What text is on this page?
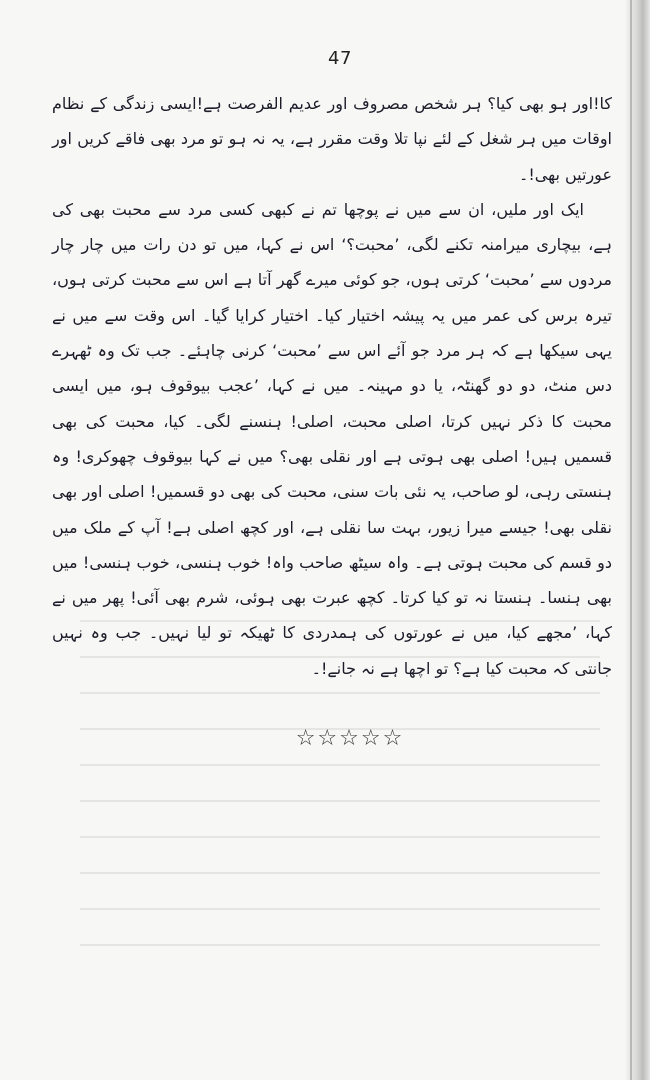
47

کا!اور ہو بھی کیا؟ ہر شخص مصروف اور عدیم الفرصت ہے!ایسی زندگی کے نظام اوقات میں ہر شغل کے لئے نپا تلا وقت مقرر ہے، یہ نہ ہو تو مرد بھی فاقے کریں اور عورتیں بھی!۔

ایک اور ملیں، ان سے میں نے پوچھا تم نے کبھی کسی مرد سے محبت بھی کی ہے، بیچاری میرامنہ تکنے لگی، ’محبت؟‘ اس نے کہا، میں تو دن رات میں چار چار مردوں سے ’محبت‘ کرتی ہوں، جو کوئی میرے گھر آتا ہے اس سے محبت کرتی ہوں، تیرہ برس کی عمر میں یہ پیشہ اختیار کیا۔ اختیار کرایا گیا۔ اس وقت سے میں نے یہی سیکھا ہے کہ ہر مرد جو آئے اس سے ’محبت‘ کرنی چاہئے۔ جب تک وہ ٹھہرے دس منٹ، دو دو گھنٹہ، یا دو مہینہ۔ میں نے کہا، ’عجب بیوقوف ہو، میں ایسی محبت کا ذکر نہیں کرتا، اصلی محبت، اصلی! ہنسنے لگی۔ کیا، محبت کی بھی قسمیں ہیں! اصلی بھی ہوتی ہے اور نقلی بھی؟ میں نے کہا بیوقوف چھوکری! وہ ہنستی رہی، لو صاحب، یہ نئی بات سنی، محبت کی بھی دو قسمیں! اصلی اور بھی نقلی بھی! جیسے میرا زیور، بہت سا نقلی ہے، اور کچھ اصلی ہے! آپ کے ملک میں دو قسم کی محبت ہوتی ہے۔ واہ سیٹھ صاحب واہ! خوب ہنسی، خوب ہنسی! میں بھی ہنسا۔ ہنستا نہ تو کیا کرتا۔ کچھ عبرت بھی ہوئی، شرم بھی آئی! پھر میں نے کہا، ’مجھے کیا، میں نے عورتوں کی ہمدردی کا ٹھیکہ تو لیا نہیں۔ جب وہ نہیں جانتی کہ محبت کیا ہے؟ تو اچھا ہے نہ جانے!۔

☆☆☆☆☆
